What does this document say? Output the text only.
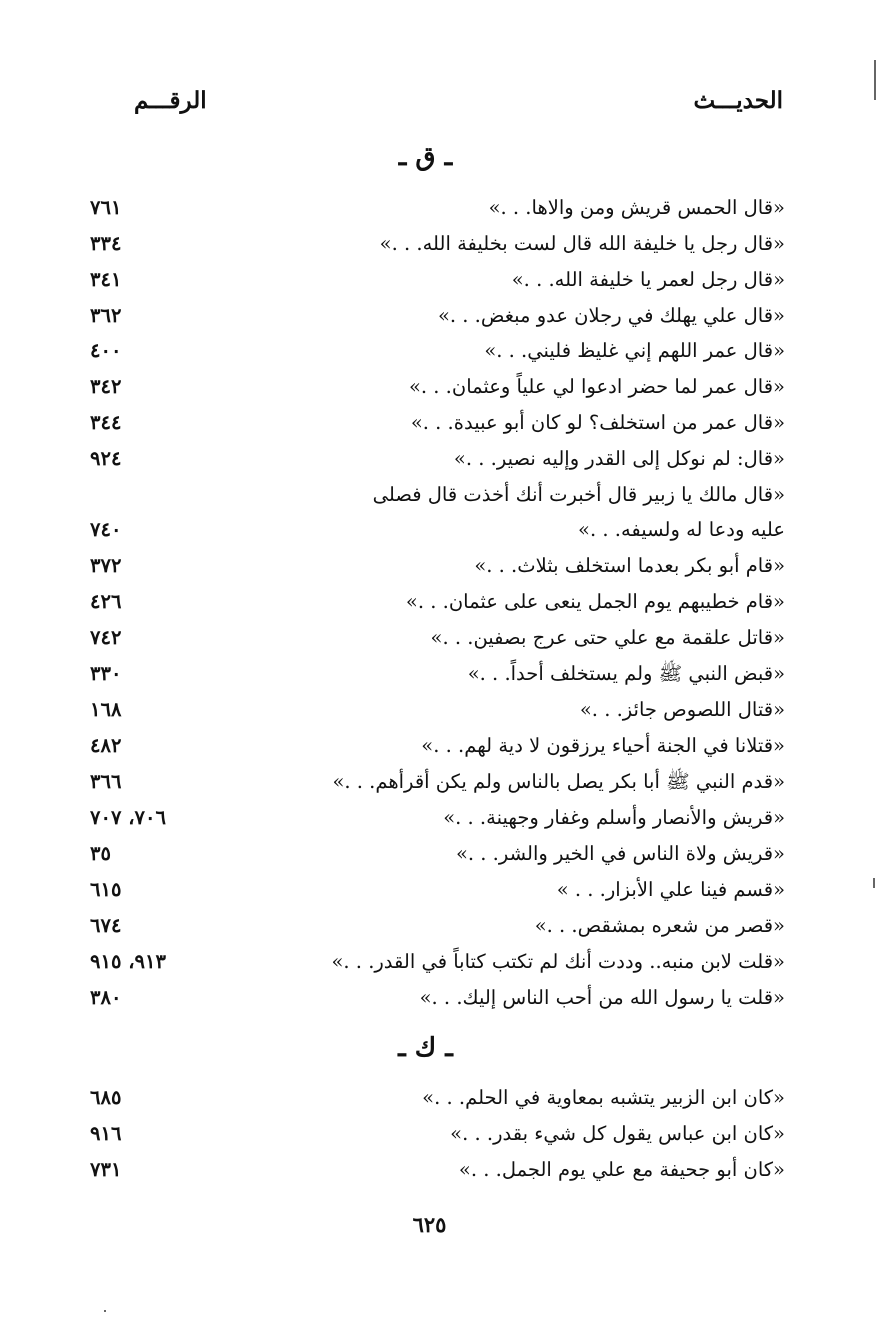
الحديـــث
الرقـــم
ـ ق ـ
«قال الحمس قريش ومن والاها. . .»
٧٦١
«قال رجل يا خليفة الله قال لست بخليفة الله. . .»
٣٣٤
«قال رجل لعمر يا خليفة الله. . .»
٣٤١
«قال علي يهلك في رجلان عدو مبغض. . .»
٣٦٢
«قال عمر اللهم إني غليظ فليني. . .»
٤٠٠
«قال عمر لما حضر ادعوا لي علياً وعثمان. . .»
٣٤٢
«قال عمر من استخلف؟ لو كان أبو عبيدة. . .»
٣٤٤
«قال: لم نوكل إلى القدر وإليه نصير. . .»
٩٢٤
«قال مالك يا زبير قال أخبرت أنك أخذت قال فصلى
عليه ودعا له ولسيفه. . .»
٧٤٠
«قام أبو بكر بعدما استخلف بثلاث. . .»
٣٧٢
«قام خطيبهم يوم الجمل ينعى على عثمان. . .»
٤٢٦
«قاتل علقمة مع علي حتى عرج بصفين. . .»
٧٤٢
«قبض النبي ﷺ ولم يستخلف أحداً. . .»
٣٣٠
«قتال اللصوص جائز. . .»
١٦٨
«قتلانا في الجنة أحياء يرزقون لا دية لهم. . .»
٤٨٢
«قدم النبي ﷺ أبا بكر يصل بالناس ولم يكن أقرأهم. . .»
٣٦٦
«قريش والأنصار وأسلم وغفار وجهينة. . .»
٧٠٦، ٧٠٧
«قريش ولاة الناس في الخير والشر. . .»
٣٥
«قسم فينا علي الأبزار. . . »
٦١٥
«قصر من شعره بمشقص. . .»
٦٧٤
«قلت لابن منبه.. وددت أنك لم تكتب كتاباً في القدر. . .»
٩١٣، ٩١٥
«قلت يا رسول الله من أحب الناس إليك. . .»
٣٨٠
ـ ك ـ
«كان ابن الزبير يتشبه بمعاوية في الحلم. . .»
٦٨٥
«كان ابن عباس يقول كل شيء بقدر. . .»
٩١٦
«كان أبو جحيفة مع علي يوم الجمل. . .»
٧٣١
٦٢٥
